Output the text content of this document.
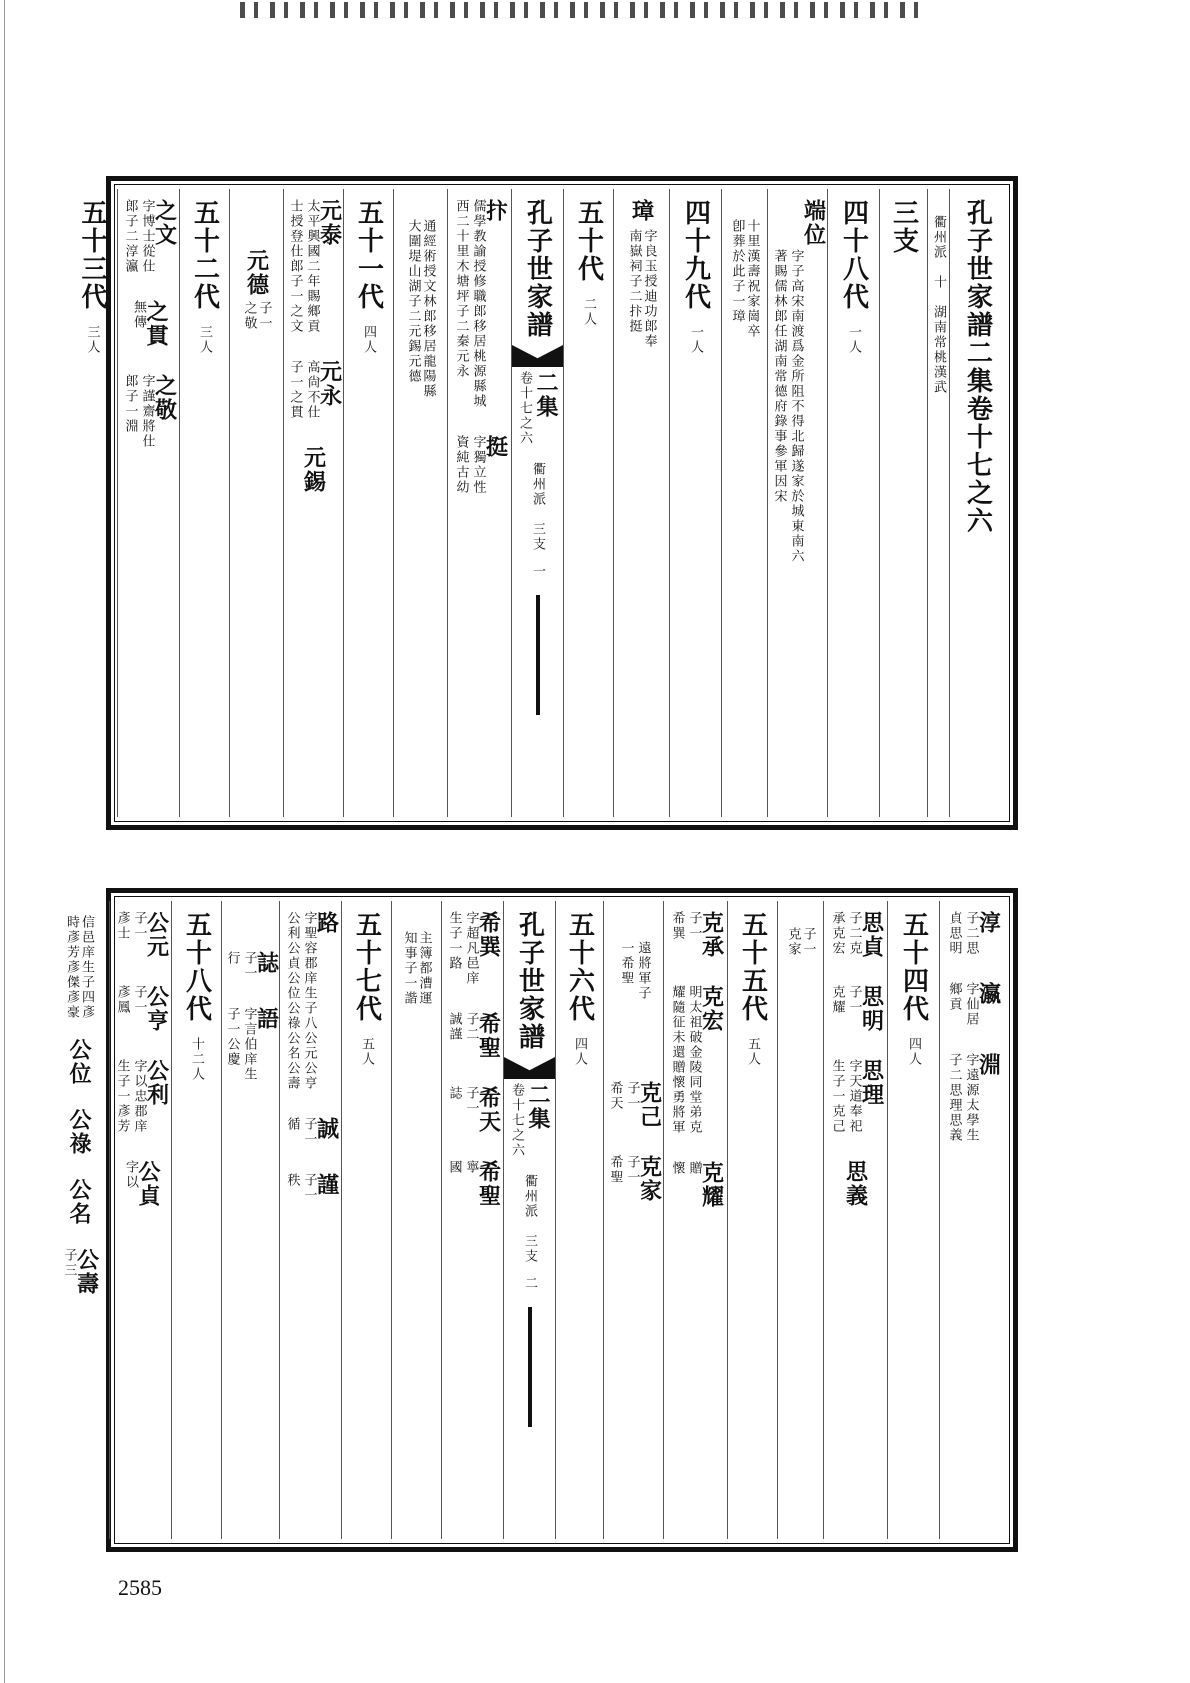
孔子世家譜二集卷十七之六
衢州派　十　湖南常桃漢武
三支
四十八代
一人
端位
字子高宋南渡爲金所阻不得北歸遂家於城東南六
著賜儒林郎任湖南常德府錄事參軍因宋
十里漢壽祝家崗卒
卽葬於此子一璋
四十九代
一人
璋
字良玉授迪功郎奉
南嶽祠子二抃挺
五十代
二人
孔子世家譜
二集
卷十七之六
衢州派　三支
一
抃
儒學教諭授修職郎移居桃源縣城
西二十里木塘坪子二秦元永
挺
字獨立性
資純古幼
通經術授文林郎移居龍陽縣
大圍堤山湖子二元錫元德
五十一代
四人
元泰
太平興國二年賜鄉貢
士授登仕郎子一之文
元永
高尙不仕
子一之貫
元錫
元德
子一
之敬
五十二代
三人
之文
字博士從仕
郎子二淳瀛
之貫
無傳
之敬
字謹齋將仕
郎子一淵
五十三代
三人
淳
子二思
貞思明
瀛
字仙居
鄉貢
淵
字遠源太學生
子二思理思義
五十四代
四人
思貞
子二克
承克宏
思明
子一
克耀
思理
字天道奉祀
生子一克己
思義
子一
克家
五十五代
五人
克承
子一
希巽
克宏
明太祖破金陵同堂弟克
耀隨征未還贈懷勇將軍
克耀
贈
懷
遠將軍子
一希聖
克己
子一
希天
克家
子一
希聖
五十六代
四人
孔子世家譜
二集
卷十七之六
衢州派　三支
二
希巽
字超凡邑庠
生子一路
希聖
子二
誠謹
希天
子一
誌
希聖
寧
國
主簿都漕運
知事子一諧
五十七代
五人
路
字聖容郡庠生子八公元公亨
公利公貞公位公祿公名公壽
誠
子一
循
謹
子一
秩
誌
子一
行
語
字言伯庠生
子一公慶
五十八代
十二人
公元
子一
彥士
公亨
子一
彥鳳
公利
字以忠郡庠
生子一彥芳
公貞
字以
信邑庠生子四彥
時彥芳彥傑彥豪
公位
公祿
公名
公壽
子三
2585
